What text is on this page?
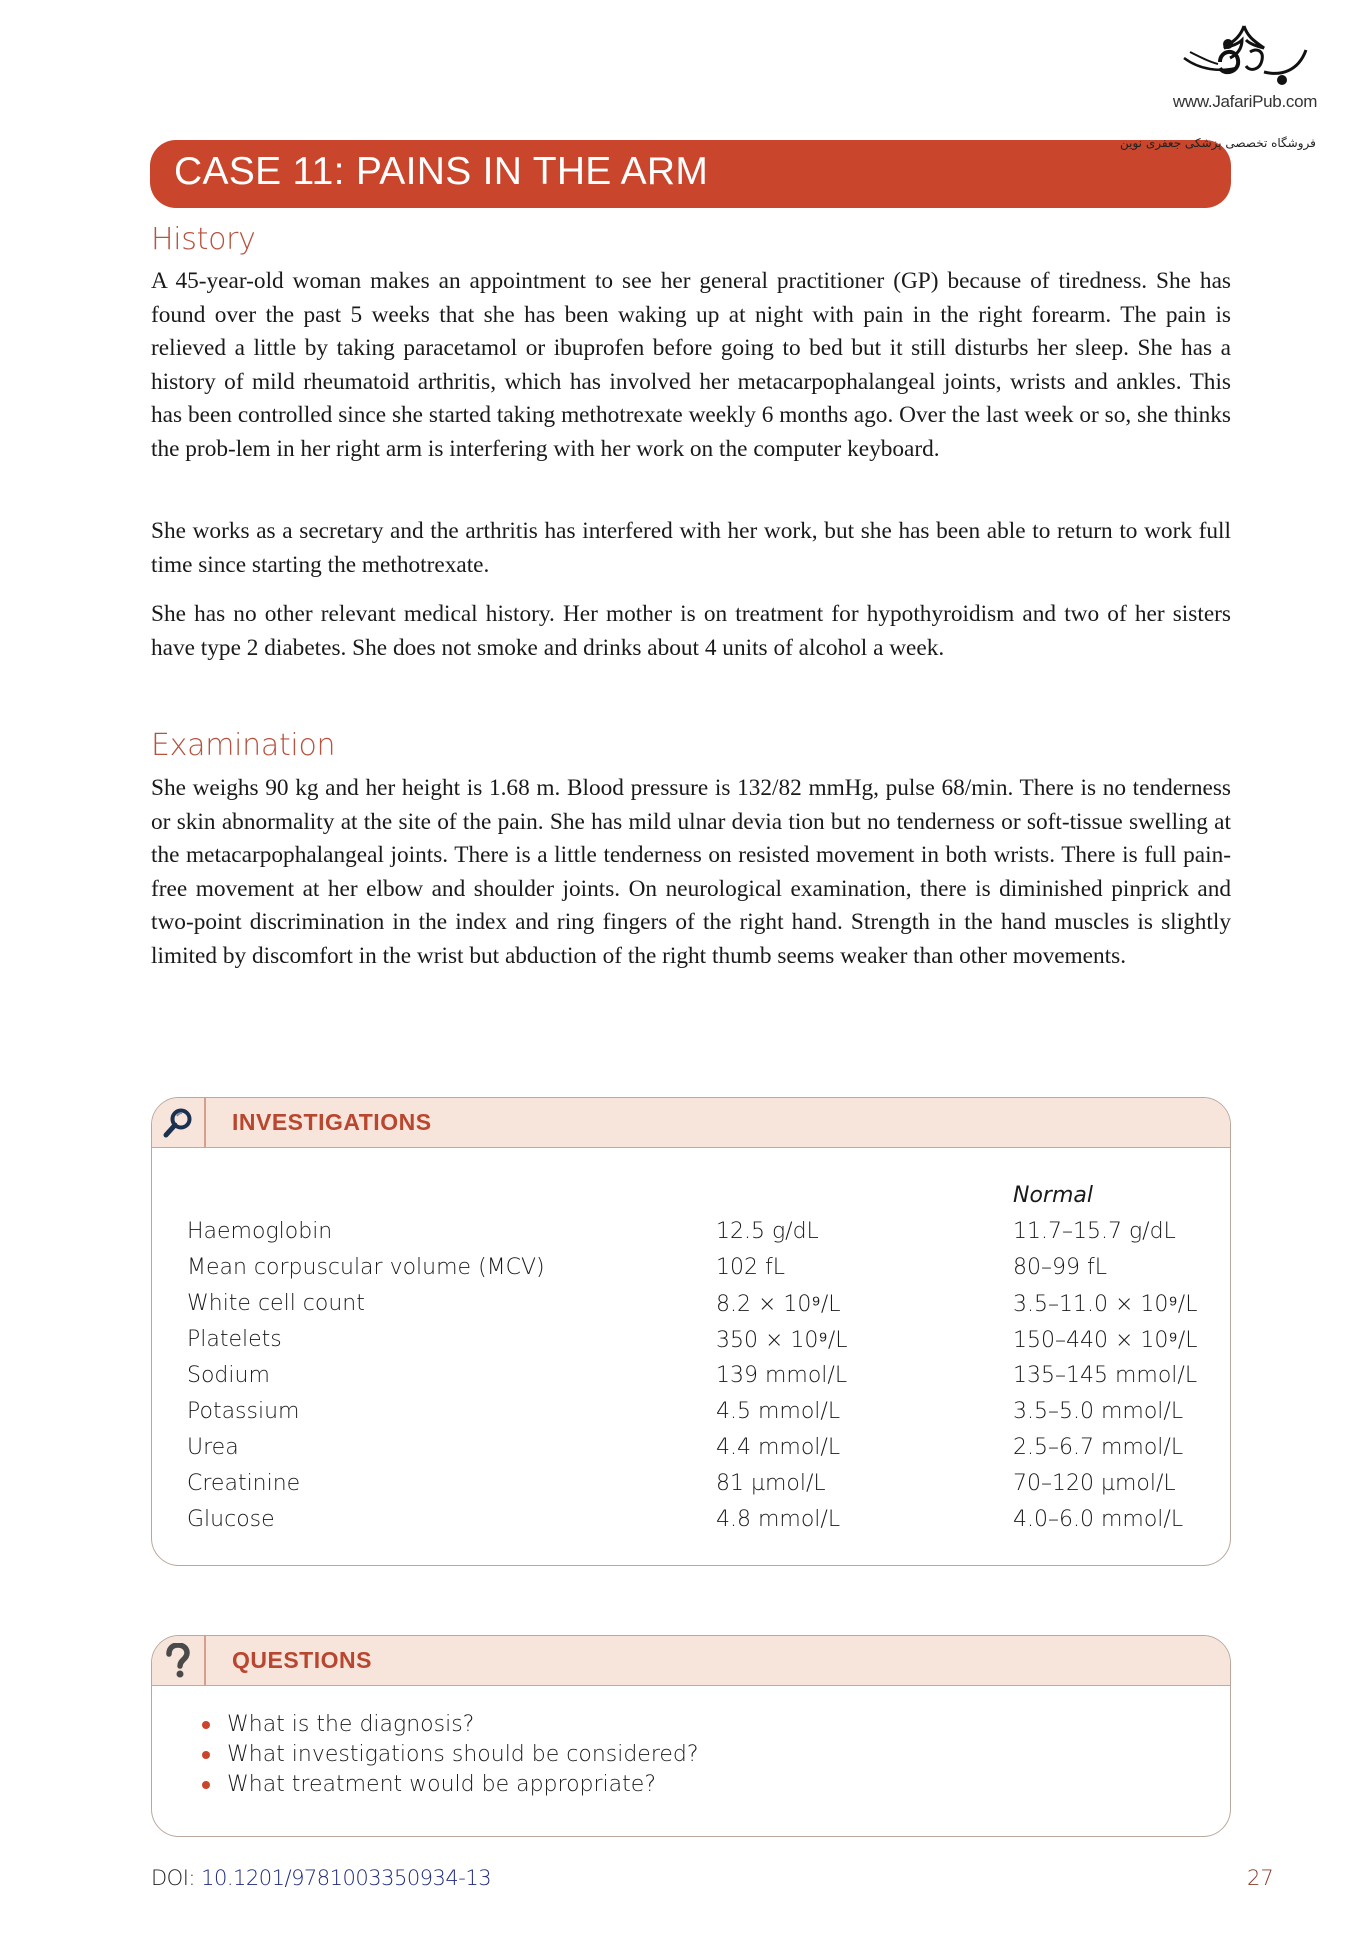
www.JafariPub.com
فروشگاه تخصصی پزشکی جعفری نوین
CASE 11: PAINS IN THE ARM
History

A 45-year-old woman makes an appointment to see her general practitioner (GP) because of tiredness. She has found over the past 5 weeks that she has been waking up at night with pain in the right forearm. The pain is relieved a little by taking paracetamol or ibuprofen before going to bed but it still disturbs her sleep. She has a history of mild rheumatoid arthritis, which has involved her metacarpophalangeal joints, wrists and ankles. This has been controlled since she started taking methotrexate weekly 6 months ago. Over the last week or so, she thinks the prob-lem in her right arm is interfering with her work on the computer keyboard.

She works as a secretary and the arthritis has interfered with her work, but she has been able to return to work full time since starting the methotrexate.

She has no other relevant medical history. Her mother is on treatment for hypothyroidism and two of her sisters have type 2 diabetes. She does not smoke and drinks about 4 units of alcohol a week.

Examination

She weighs 90 kg and her height is 1.68 m. Blood pressure is 132/82 mmHg, pulse 68/min. There is no tenderness or skin abnormality at the site of the pain. She has mild ulnar devia tion but no tenderness or soft-tissue swelling at the metacarpophalangeal joints. There is a little tenderness on resisted movement in both wrists. There is full pain-free movement at her elbow and shoulder joints. On neurological examination, there is diminished pinprick and two-point discrimination in the index and ring fingers of the right hand. Strength in the hand muscles is slightly limited by discomfort in the wrist but abduction of the right thumb seems weaker than other movements.

INVESTIGATIONS
Normal
Haemoglobin	12.5 g/dL	11.7–15.7 g/dL
Mean corpuscular volume (MCV)	102 fL	80–99 fL
White cell count	8.2 × 10⁹/L	3.5–11.0 × 10⁹/L
Platelets	350 × 10⁹/L	150–440 × 10⁹/L
Sodium	139 mmol/L	135–145 mmol/L
Potassium	4.5 mmol/L	3.5–5.0 mmol/L
Urea	4.4 mmol/L	2.5–6.7 mmol/L
Creatinine	81 µmol/L	70–120 µmol/L
Glucose	4.8 mmol/L	4.0–6.0 mmol/L
QUESTIONS
What is the diagnosis?
What investigations should be considered?
What treatment would be appropriate?
DOI: 10.1201/9781003350934-13	27
